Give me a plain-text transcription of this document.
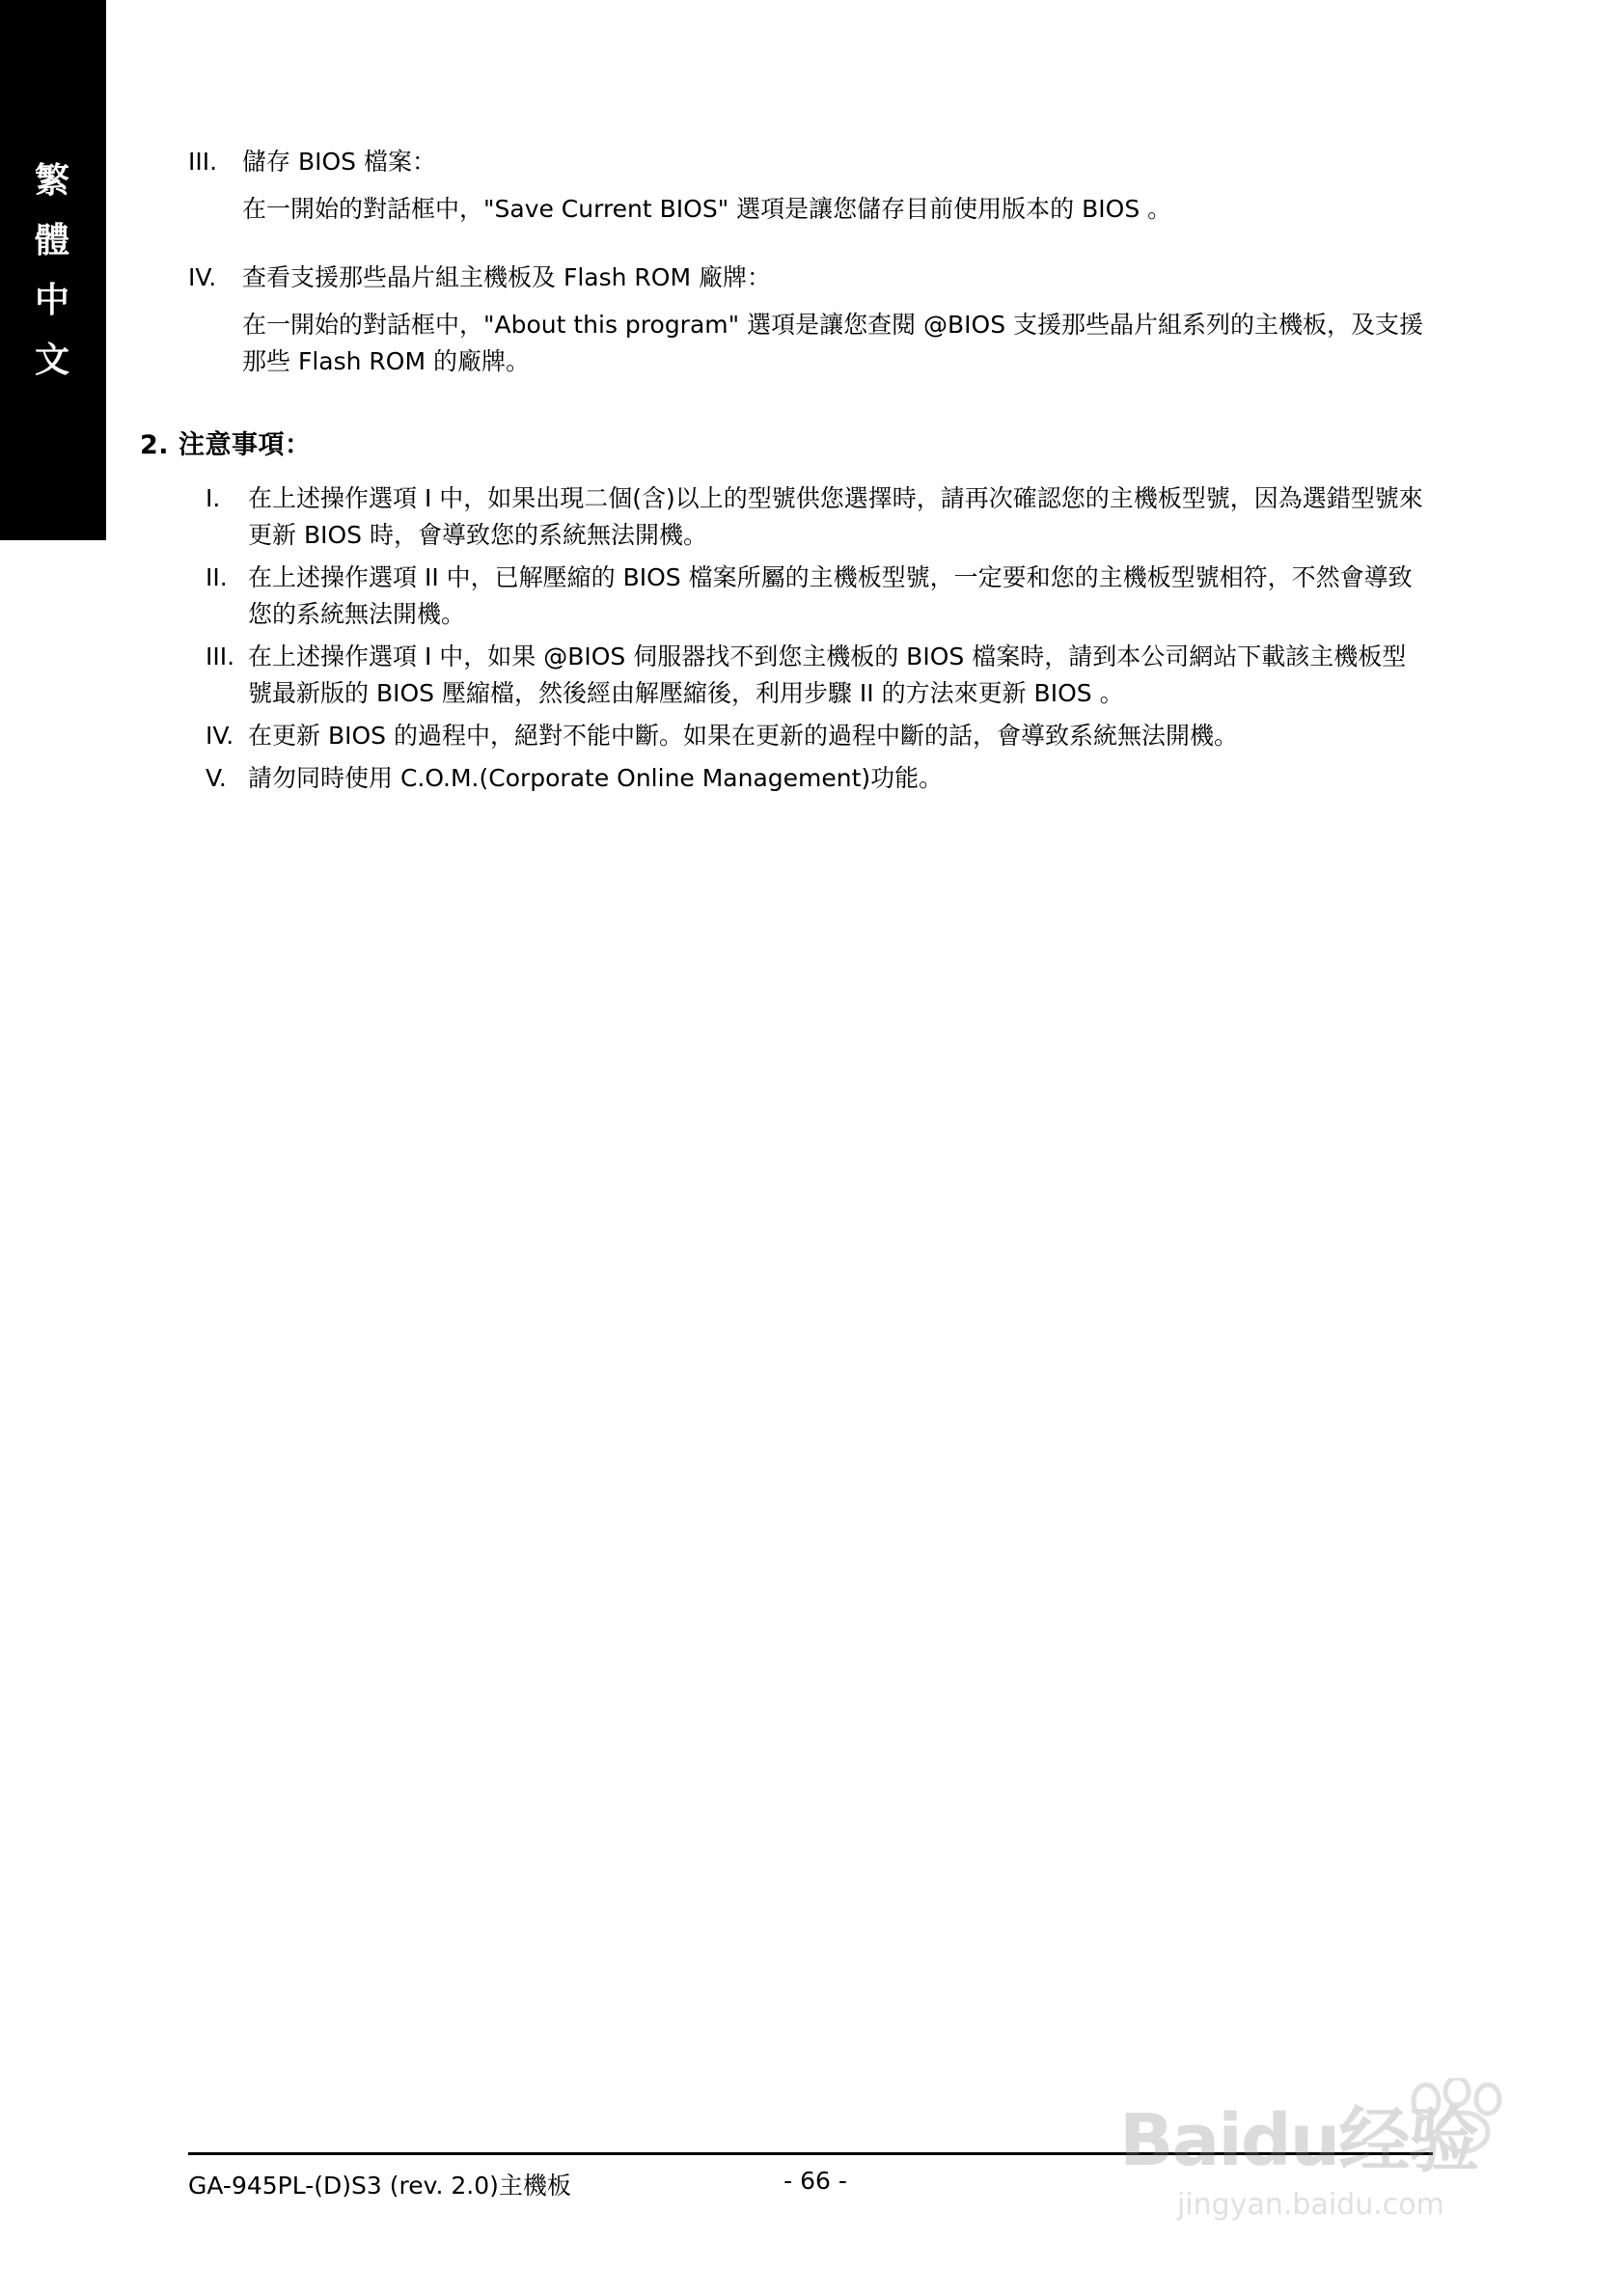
繁
體
中
文
III.	儲存 BIOS 檔案：
在一開始的對話框中，"Save Current BIOS" 選項是讓您儲存目前使用版本的 BIOS 。
IV.	查看支援那些晶片組主機板及 Flash ROM 廠牌：
在一開始的對話框中，"About this program" 選項是讓您查閱 @BIOS 支援那些晶片組系列的主機板，及支援那些 Flash ROM 的廠牌。
2. 注意事項：
I.	在上述操作選項 I 中，如果出現二個(含)以上的型號供您選擇時，請再次確認您的主機板型號，因為選錯型號來更新 BIOS 時，會導致您的系統無法開機。
II. 在上述操作選項 II 中，已解壓縮的 BIOS 檔案所屬的主機板型號，一定要和您的主機板型號相符，不然會導致您的系統無法開機。
III. 在上述操作選項 I 中，如果 @BIOS 伺服器找不到您主機板的 BIOS 檔案時，請到本公司網站下載該主機板型號最新版的 BIOS 壓縮檔，然後經由解壓縮後，利用步驟 II 的方法來更新 BIOS 。
IV. 在更新 BIOS 的過程中，絕對不能中斷。如果在更新的過程中斷的話，會導致系統無法開機。
V. 請勿同時使用 C.O.M.(Corporate Online Management)功能。
GA-945PL-(D)S3 (rev. 2.0)主機板	- 66 -	Baidu经验
jingyan.baidu.com
